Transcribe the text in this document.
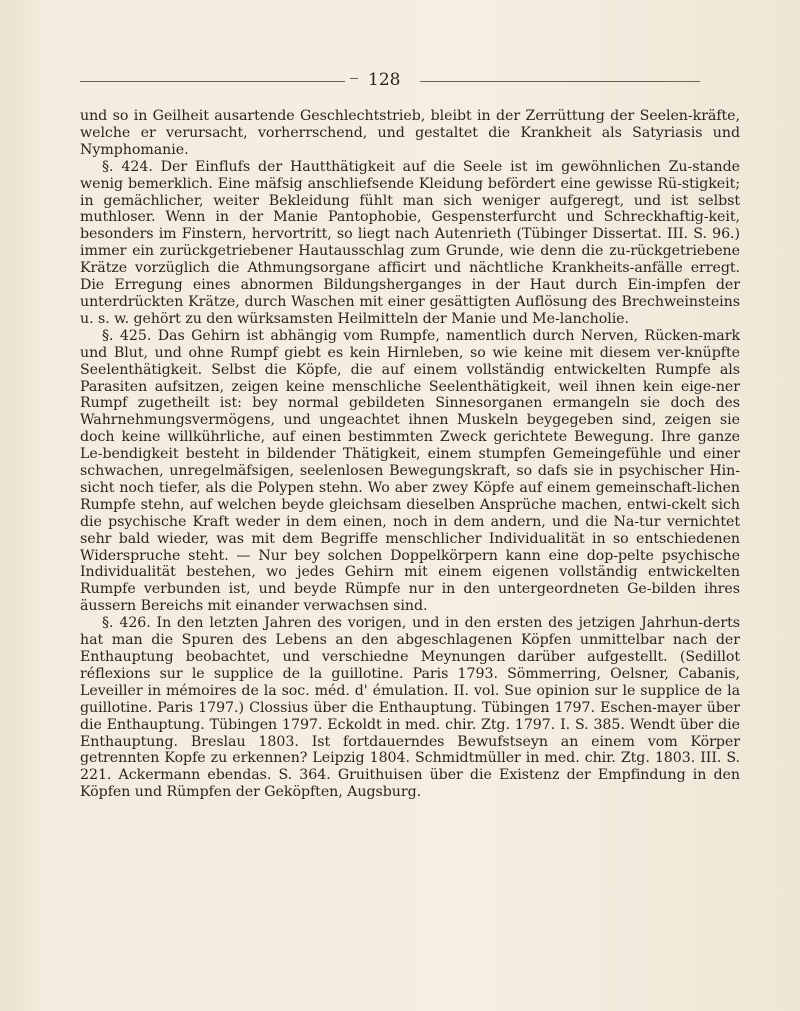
128

und so in Geilheit ausartende Geschlechtstrieb, bleibt in der Zerrüttung der Seelen-kräfte, welche er verursacht, vorherrschend, und gestaltet die Krankheit als Satyriasis und Nymphomanie.

§. 424. Der Einflufs der Hautthätigkeit auf die Seele ist im gewöhnlichen Zu-stande wenig bemerklich. Eine mäfsig anschliefsende Kleidung befördert eine gewisse Rü-stigkeit; in gemächlicher, weiter Bekleidung fühlt man sich weniger aufgeregt, und ist selbst muthloser. Wenn in der Manie Pantophobie, Gespensterfurcht und Schreckhaftig-keit, besonders im Finstern, hervortritt, so liegt nach Autenrieth (Tübinger Dissertat. III. S. 96.) immer ein zurückgetriebener Hautausschlag zum Grunde, wie denn die zu-rückgetriebene Krätze vorzüglich die Athmungsorgane afficirt und nächtliche Krankheits-anfälle erregt. Die Erregung eines abnormen Bildungsherganges in der Haut durch Ein-impfen der unterdrückten Krätze, durch Waschen mit einer gesättigten Auflösung des Brechweinsteins u. s. w. gehört zu den würksamsten Heilmitteln der Manie und Me-lancholie.

§. 425. Das Gehirn ist abhängig vom Rumpfe, namentlich durch Nerven, Rücken-mark und Blut, und ohne Rumpf giebt es kein Hirnleben, so wie keine mit diesem ver-knüpfte Seelenthätigkeit. Selbst die Köpfe, die auf einem vollständig entwickelten Rumpfe als Parasiten aufsitzen, zeigen keine menschliche Seelenthätigkeit, weil ihnen kein eige-ner Rumpf zugetheilt ist: bey normal gebildeten Sinnesorganen ermangeln sie doch des Wahrnehmungsvermögens, und ungeachtet ihnen Muskeln beygegeben sind, zeigen sie doch keine willkührliche, auf einen bestimmten Zweck gerichtete Bewegung. Ihre ganze Le-bendigkeit besteht in bildender Thätigkeit, einem stumpfen Gemeingefühle und einer schwachen, unregelmäfsigen, seelenlosen Bewegungskraft, so dafs sie in psychischer Hin-sicht noch tiefer, als die Polypen stehn. Wo aber zwey Köpfe auf einem gemeinschaft-lichen Rumpfe stehn, auf welchen beyde gleichsam dieselben Ansprüche machen, entwi-ckelt sich die psychische Kraft weder in dem einen, noch in dem andern, und die Na-tur vernichtet sehr bald wieder, was mit dem Begriffe menschlicher Individualität in so entschiedenen Widerspruche steht. — Nur bey solchen Doppelkörpern kann eine dop-pelte psychische Individualität bestehen, wo jedes Gehirn mit einem eigenen vollständig entwickelten Rumpfe verbunden ist, und beyde Rümpfe nur in den untergeordneten Ge-bilden ihres äussern Bereichs mit einander verwachsen sind.

§. 426. In den letzten Jahren des vorigen, und in den ersten des jetzigen Jahrhun-derts hat man die Spuren des Lebens an den abgeschlagenen Köpfen unmittelbar nach der Enthauptung beobachtet, und verschiedne Meynungen darüber aufgestellt. (Sedillot réflexions sur le supplice de la guillotine. Paris 1793. Sömmerring, Oelsner, Cabanis, Leveiller in mémoires de la soc. méd. d' émulation. II. vol. Sue opinion sur le supplice de la guillotine. Paris 1797.) Clossius über die Enthauptung. Tübingen 1797. Eschen-mayer über die Enthauptung. Tübingen 1797. Eckoldt in med. chir. Ztg. 1797. I. S. 385. Wendt über die Enthauptung. Breslau 1803. Ist fortdauerndes Bewufstseyn an einem vom Körper getrennten Kopfe zu erkennen? Leipzig 1804. Schmidtmüller in med. chir. Ztg. 1803. III. S. 221. Ackermann ebendas. S. 364. Gruithuisen über die Existenz der Empfindung in den Köpfen und Rümpfen der Geköpften, Augsburg.
